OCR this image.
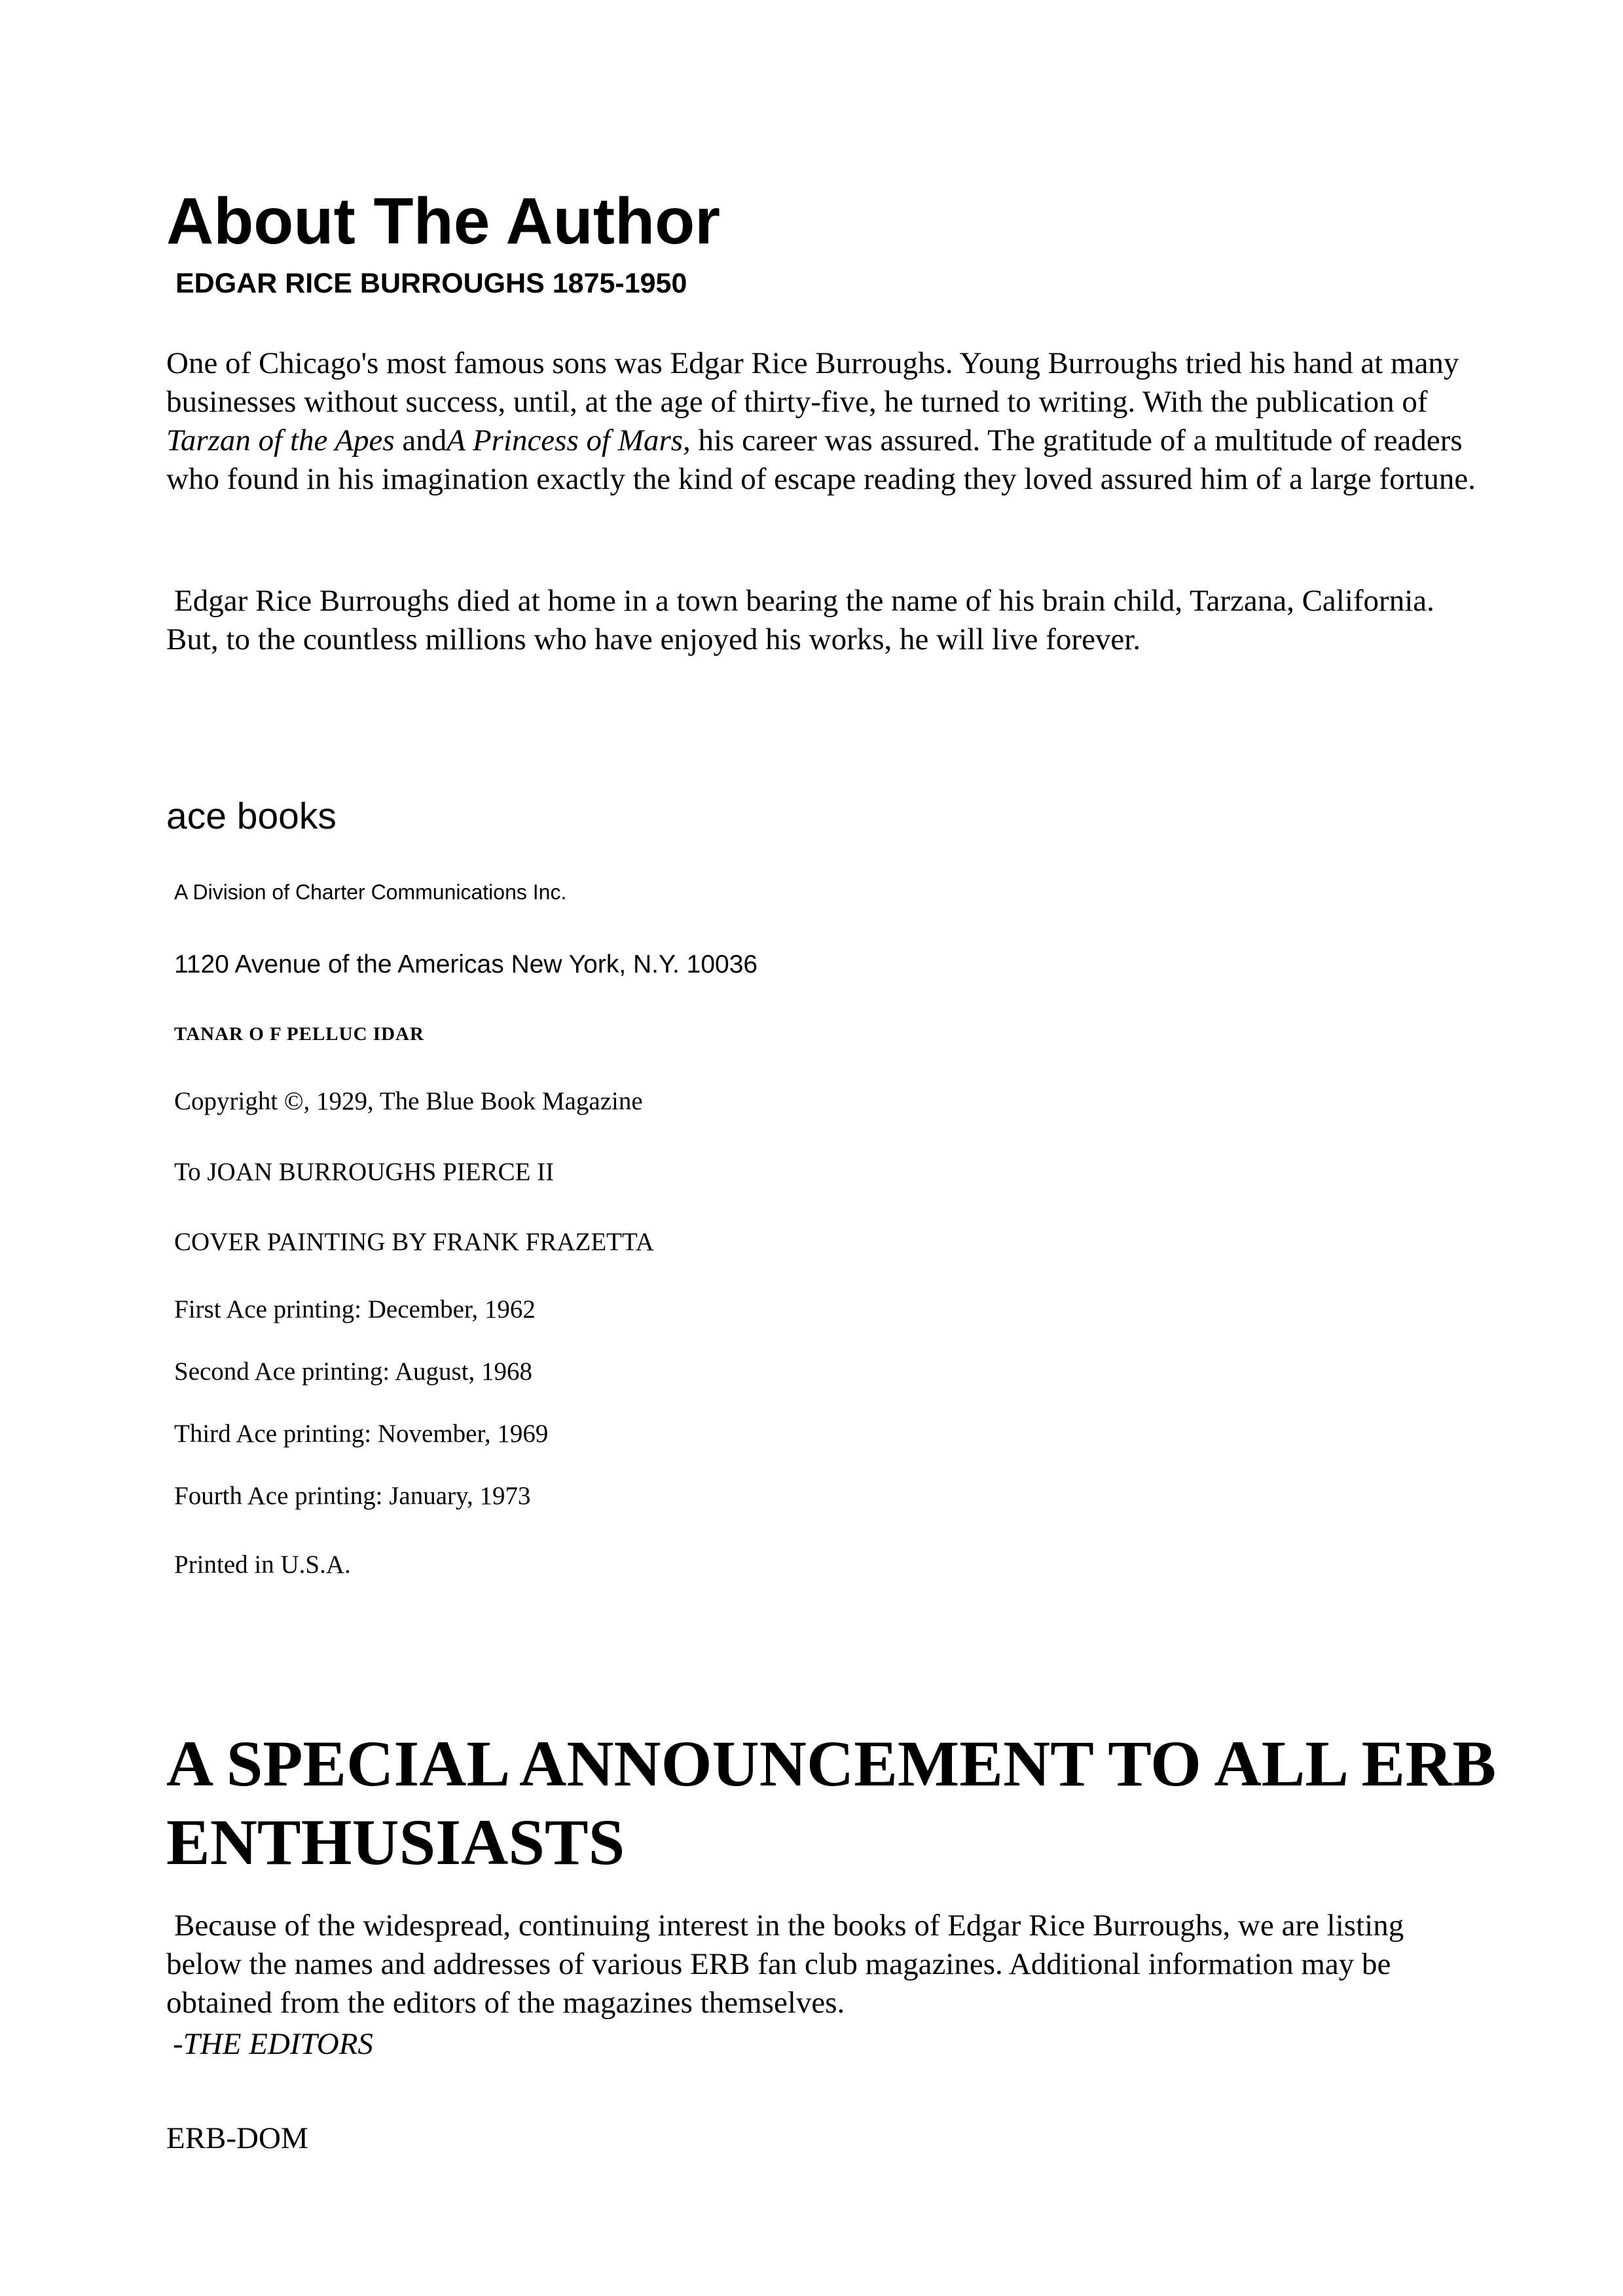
About The Author
EDGAR RICE BURROUGHS 1875-1950

One of Chicago's most famous sons was Edgar Rice Burroughs. Young Burroughs tried his hand at many businesses without success, until, at the age of thirty-five, he turned to writing. With the publication of Tarzan of the Apes andA Princess of Mars, his career was assured. The gratitude of a multitude of readers who found in his imagination exactly the kind of escape reading they loved assured him of a large fortune.

Edgar Rice Burroughs died at home in a town bearing the name of his brain child, Tarzana, California. But, to the countless millions who have enjoyed his works, he will live forever.

ace books
A Division of Charter Communications Inc.
1120 Avenue of the Americas New York, N.Y. 10036
TANAR O F PELLUC IDAR
Copyright ©, 1929, The Blue Book Magazine
To JOAN BURROUGHS PIERCE II
COVER PAINTING BY FRANK FRAZETTA
First Ace printing: December, 1962
Second Ace printing: August, 1968
Third Ace printing: November, 1969
Fourth Ace printing: January, 1973
Printed in U.S.A.
A SPECIAL ANNOUNCEMENT TO ALL ERB ENTHUSIASTS

Because of the widespread, continuing interest in the books of Edgar Rice Burroughs, we are listing below the names and addresses of various ERB fan club magazines. Additional information may be obtained from the editors of the magazines themselves.

-THE EDITORS
ERB-DOM
